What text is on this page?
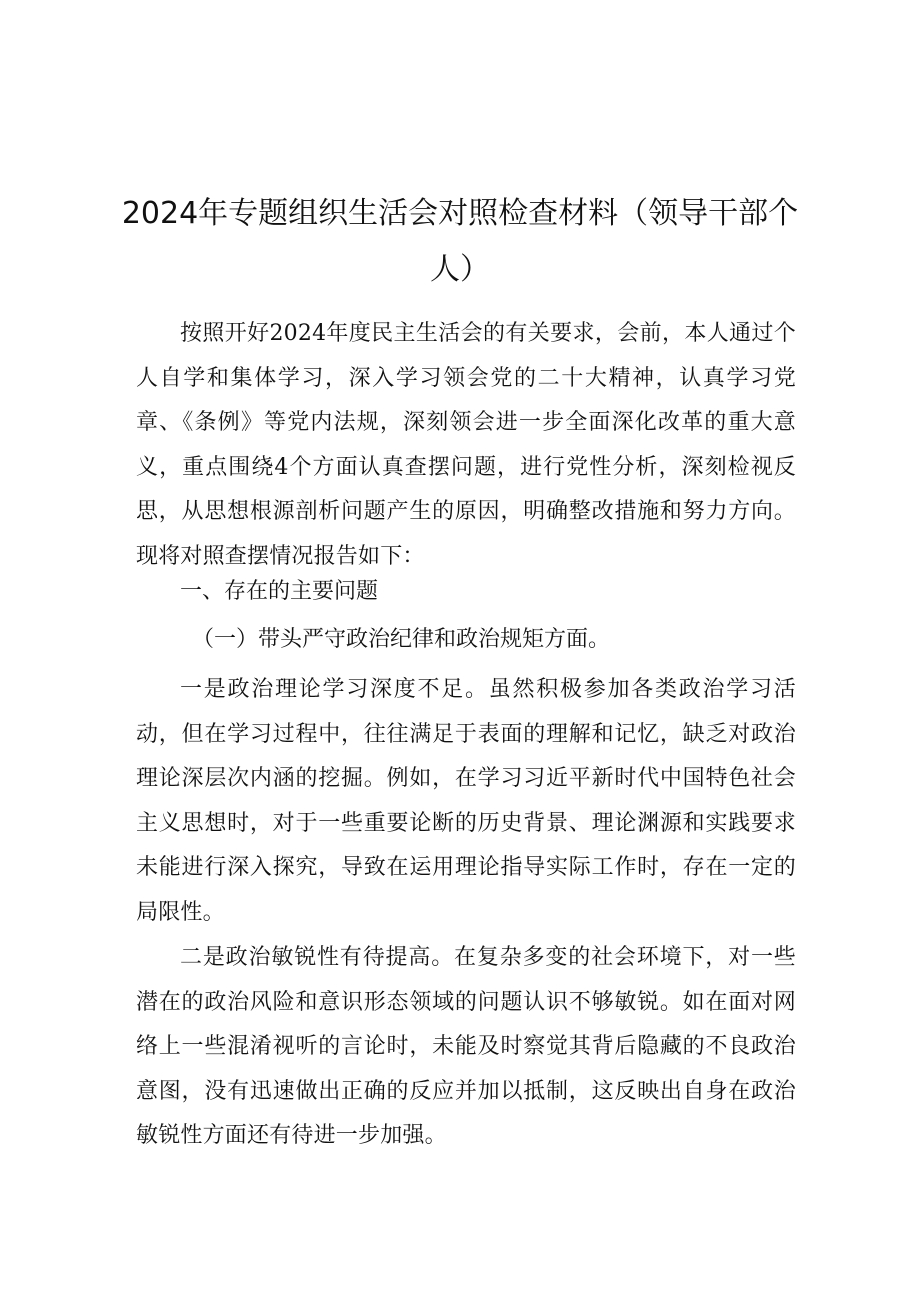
2024年专题组织生活会对照检查材料（领导干部个人）

按照开好2024年度民主生活会的有关要求，会前，本人通过个人自学和集体学习，深入学习领会党的二十大精神，认真学习党章、《条例》等党内法规，深刻领会进一步全面深化改革的重大意义，重点围绕4个方面认真查摆问题，进行党性分析，深刻检视反思，从思想根源剖析问题产生的原因，明确整改措施和努力方向。现将对照查摆情况报告如下：

一、存在的主要问题

（一）带头严守政治纪律和政治规矩方面。

一是政治理论学习深度不足。虽然积极参加各类政治学习活动，但在学习过程中，往往满足于表面的理解和记忆，缺乏对政治理论深层次内涵的挖掘。例如，在学习习近平新时代中国特色社会主义思想时，对于一些重要论断的历史背景、理论渊源和实践要求未能进行深入探究，导致在运用理论指导实际工作时，存在一定的局限性。

二是政治敏锐性有待提高。在复杂多变的社会环境下，对一些潜在的政治风险和意识形态领域的问题认识不够敏锐。如在面对网络上一些混淆视听的言论时，未能及时察觉其背后隐藏的不良政治意图，没有迅速做出正确的反应并加以抵制，这反映出自身在政治敏锐性方面还有待进一步加强。
